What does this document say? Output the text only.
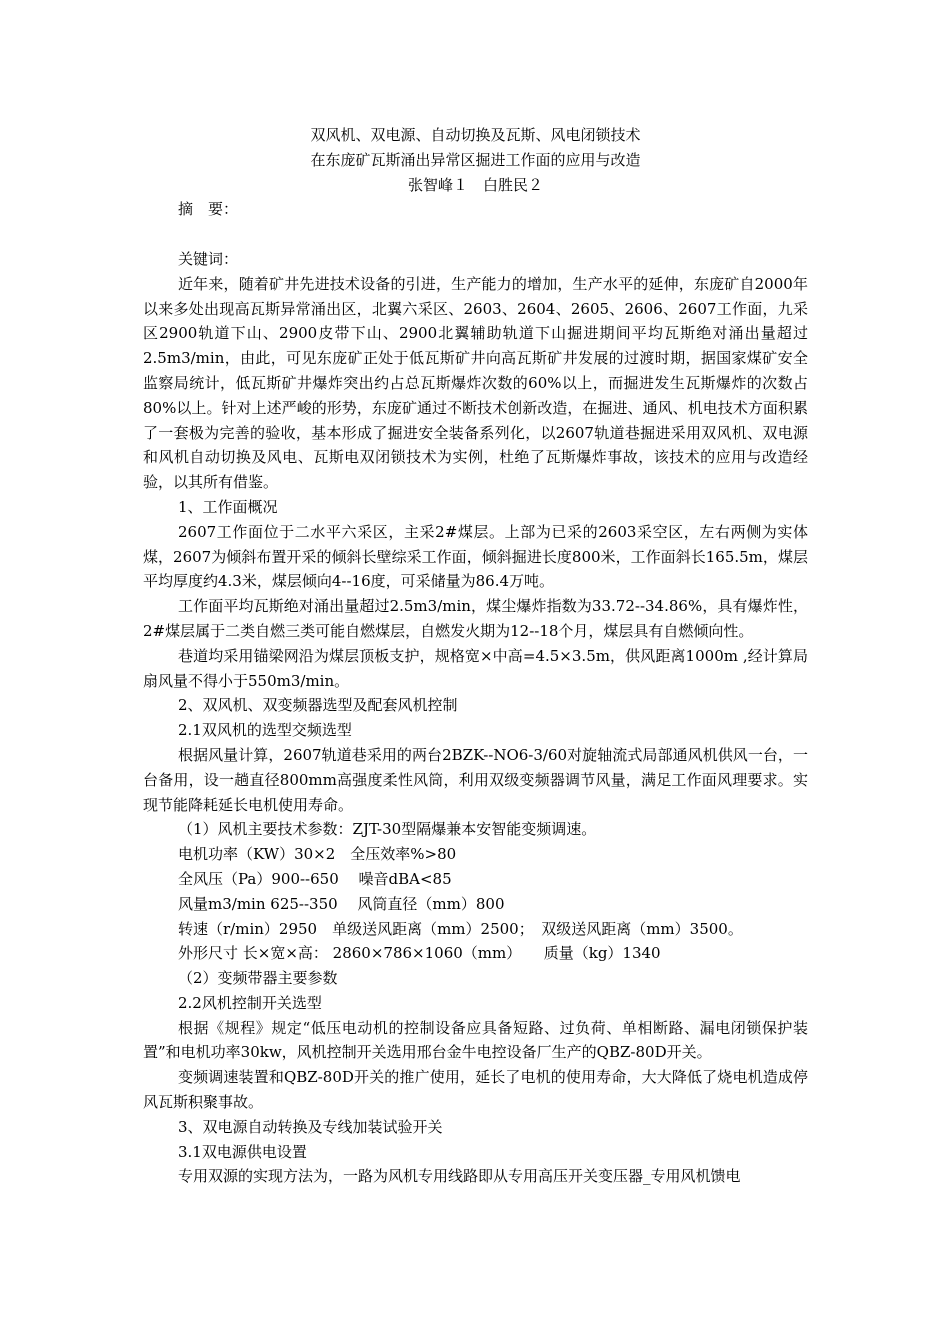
双风机、双电源、自动切换及瓦斯、风电闭锁技术

在东庞矿瓦斯涌出异常区掘进工作面的应用与改造

张智峰１　白胜民２

摘　要：

关键词：

近年来，随着矿井先进技术设备的引进，生产能力的增加，生产水平的延伸，东庞矿自2000年以来多处出现高瓦斯异常涌出区，北翼六采区、2603、2604、2605、2606、2607工作面，九采区2900轨道下山、2900皮带下山、2900北翼辅助轨道下山掘进期间平均瓦斯绝对涌出量超过2.5m3/min，由此，可见东庞矿正处于低瓦斯矿井向高瓦斯矿井发展的过渡时期，据国家煤矿安全监察局统计，低瓦斯矿井爆炸突出约占总瓦斯爆炸次数的60%以上，而掘进发生瓦斯爆炸的次数占80%以上。针对上述严峻的形势，东庞矿通过不断技术创新改造，在掘进、通风、机电技术方面积累了一套极为完善的验收，基本形成了掘进安全装备系列化，以2607轨道巷掘进采用双风机、双电源和风机自动切换及风电、瓦斯电双闭锁技术为实例，杜绝了瓦斯爆炸事故，该技术的应用与改造经验，以其所有借鉴。

1、工作面概况

2607工作面位于二水平六采区，主采2#煤层。上部为已采的2603采空区，左右两侧为实体煤，2607为倾斜布置开采的倾斜长壁综采工作面，倾斜掘进长度800米，工作面斜长165.5m，煤层平均厚度约4.3米，煤层倾向4--16度，可采储量为86.4万吨。

工作面平均瓦斯绝对涌出量超过2.5m3/min，煤尘爆炸指数为33.72--34.86%，具有爆炸性，2#煤层属于二类自燃三类可能自燃煤层，自燃发火期为12--18个月，煤层具有自燃倾向性。

巷道均采用锚梁网沿为煤层顶板支护，规格宽×中高=4.5×3.5m，供风距离1000m ,经计算局扇风量不得小于550m3/min。

2、双风机、双变频器选型及配套风机控制

2.1双风机的选型交频选型

根据风量计算，2607轨道巷采用的两台2BZK--NO6-3/60对旋轴流式局部通风机供风一台，一台备用，设一趟直径800mm高强度柔性风筒，利用双级变频器调节风量，满足工作面风理要求。实现节能降耗延长电机使用寿命。

（1）风机主要技术参数：ZJT-30型隔爆兼本安智能变频调速。

电机功率（KW）30×2　全压效率%>80

全风压（Pa）900--650　 噪音dBA<85

风量m3/min 625--350　 风筒直径（mm）800

转速（r/min）2950　单级送风距离（mm）2500；　双级送风距离（mm）3500。

外形尺寸 长×宽×高： 2860×786×1060（mm）　　质量（kg）1340

（2）变频带器主要参数

2.2风机控制开关选型

根据《规程》规定“低压电动机的控制设备应具备短路、过负荷、单相断路、漏电闭锁保护装置”和电机功率30kw，风机控制开关选用邢台金牛电控设备厂生产的QBZ-80D开关。

变频调速装置和QBZ-80D开关的推广使用，延长了电机的使用寿命，大大降低了烧电机造成停风瓦斯积聚事故。

3、双电源自动转换及专线加装试验开关

3.1双电源供电设置

专用双源的实现方法为，一路为风机专用线路即从专用高压开关变压器_专用风机馈电
